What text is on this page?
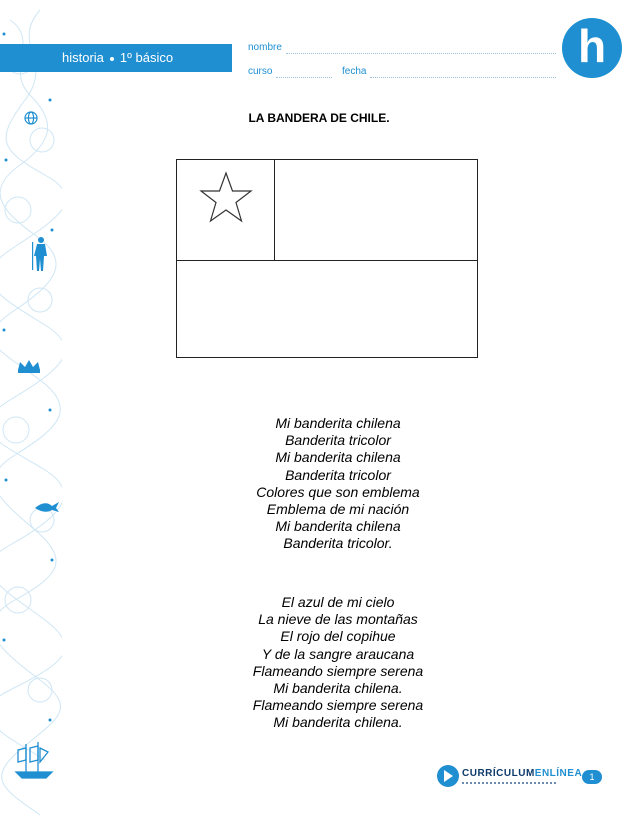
historia 1º básico
nombre
curso	fecha	h
LA BANDERA DE CHILE.
Mi banderita chilena
Banderita tricolor
Mi banderita chilena
Banderita tricolor
Colores que son emblema
Emblema de mi nación
Mi banderita chilena
Banderita tricolor.
El azul de mi cielo
La nieve de las montañas
El rojo del copihue
Y de la sangre araucana
Flameando siempre serena
Mi banderita chilena.
Flameando siempre serena
Mi banderita chilena.
CURRÍCULUMENLÍNEA 1
